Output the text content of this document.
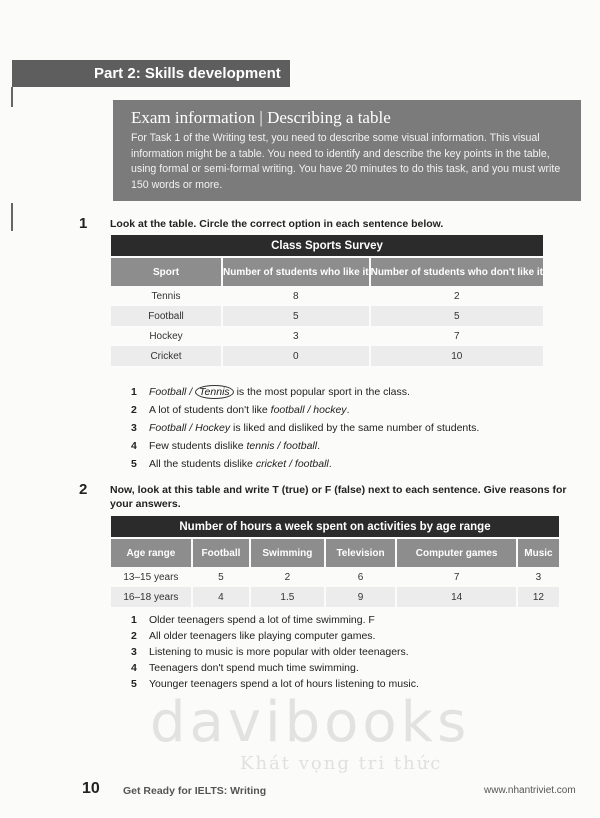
Part 2: Skills development
Exam information | Describing a table

For Task 1 of the Writing test, you need to describe some visual information. This visual information might be a table. You need to identify and describe the key points in the table, using formal or semi-formal writing. You have 20 minutes to do this task, and you must write 150 words or more.

1 Look at the table. Circle the correct option in each sentence below.
Class Sports Survey		
Sport	Number of students who like it	Number of students who don't like it
Tennis	8	2
Football	5	5
Hockey	3	7
Cricket	0	10
1 Football / Tennis is the most popular sport in the class.
2 A lot of students don't like football / hockey.
3 Football / Hockey is liked and disliked by the same number of students.
4 Few students dislike tennis / football.
5 All the students dislike cricket / football.
2 Now, look at this table and write T (true) or F (false) next to each sentence. Give reasons for your answers.
Number of hours a week spent on activities by age range					
Age range	Football	Swimming	Television	Computer games	Music
13–15 years	5	2	6	7	3
16–18 years	4	1.5	9	14	12
1 Older teenagers spend a lot of time swimming. F
2 All older teenagers like playing computer games.
3 Listening to music is more popular with older teenagers.
4 Teenagers don't spend much time swimming.
5 Younger teenagers spend a lot of hours listening to music.
davibooks
Khát vọng tri thức
10 Get Ready for IELTS: Writing	www.nhantriviet.com
